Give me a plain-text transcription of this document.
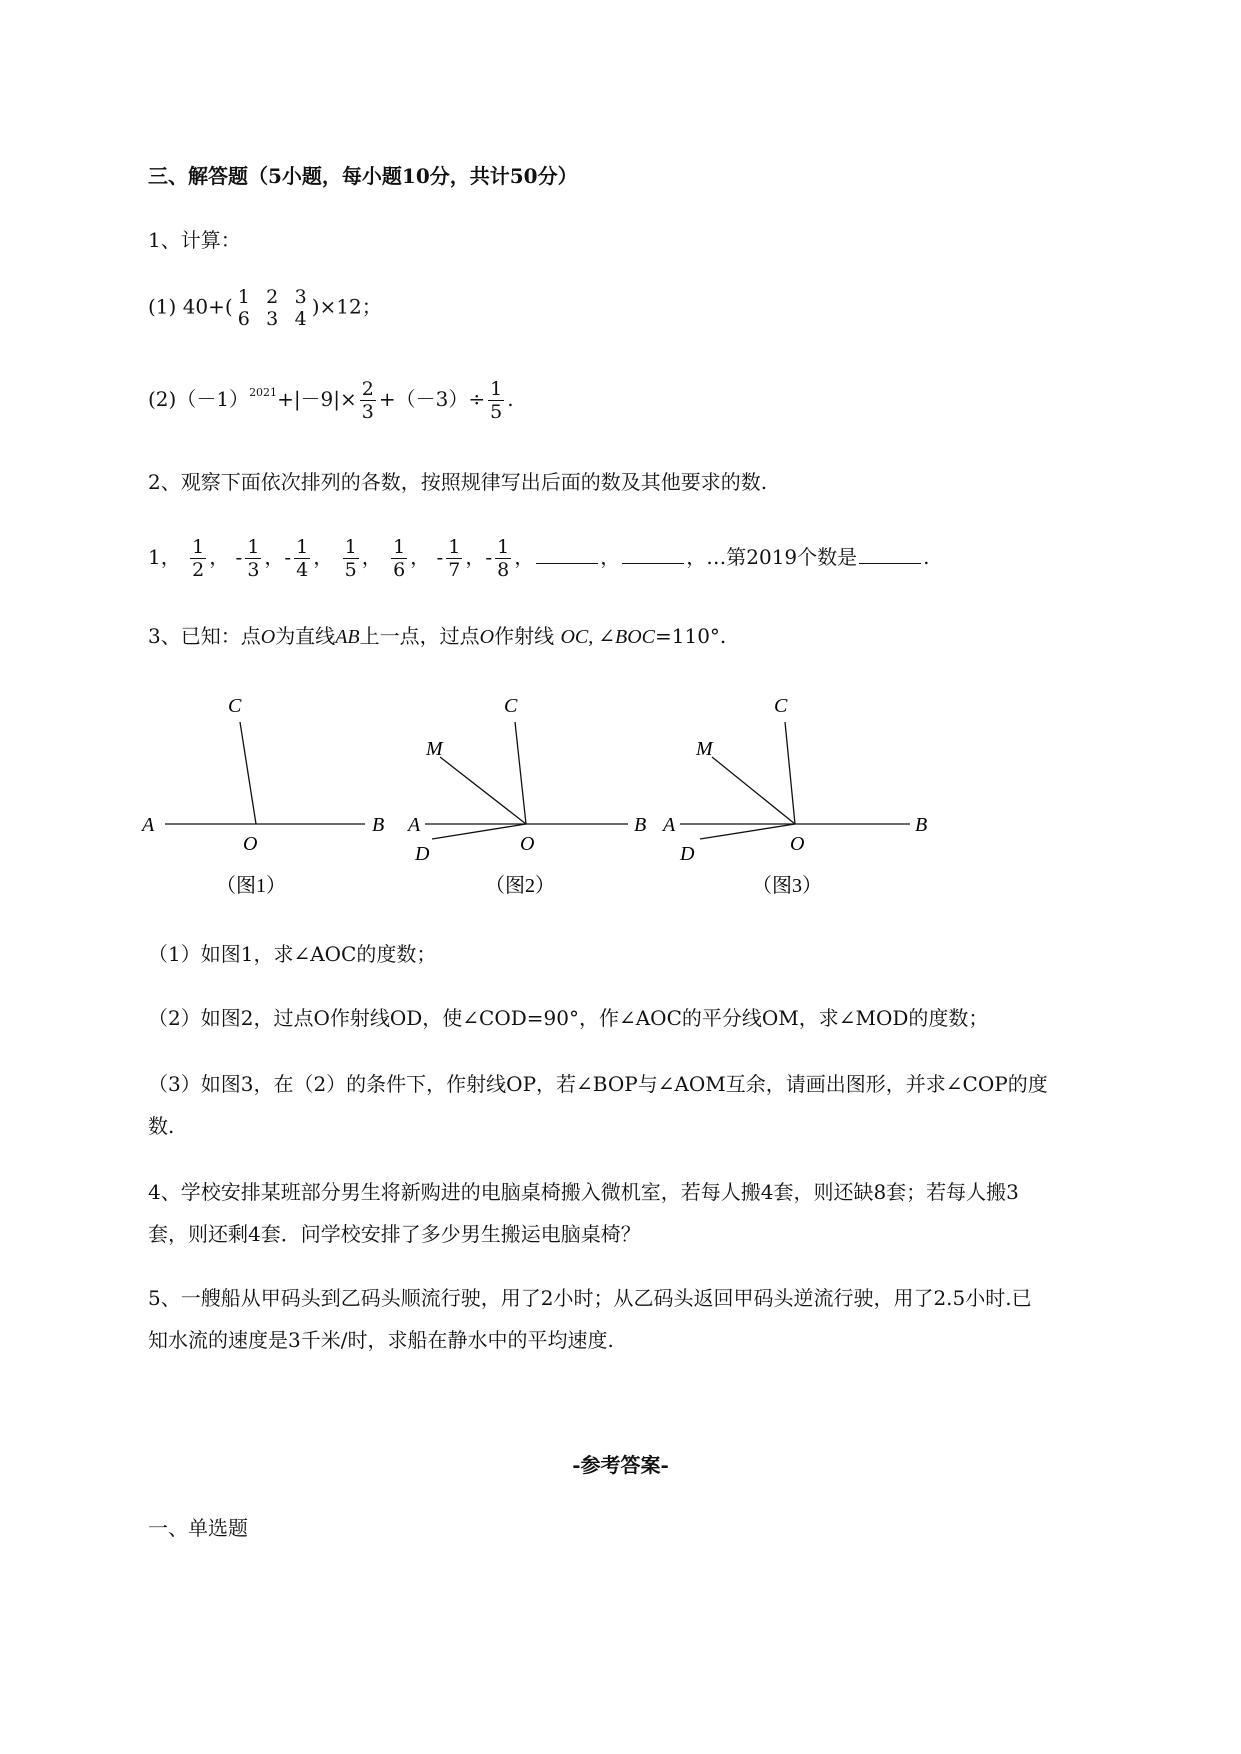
三、解答题（5小题，每小题10分，共计50分）
1、计算：
(1) 40+( 1
6

2
3

3
4
)×12；
$(2)(-1)^{2021}+|-9|\times \frac{2}{3} +(-3)\div \frac{1}{5}$ .
2、观察下面依次排列的各数，按照规律写出后面的数及其他要求的数.
1， $\frac{1}{2}$ ， - $\frac{1}{3}$ ，- $\frac{1}{4}$ ， $\frac{1}{5}$ ， $\frac{1}{6}$ ， - $\frac{1}{7}$ ，- $\frac{1}{8}$ ，	，	，…第2019个数是	.
3、已知：点O为直线AB上一点，过点O作射线 OC, ∠BOC=110°.
C
A	B
O
（图1）
C
M
A	B
D	O
（图2）
C
M
A	B
D	O
（图3）
（1）如图1，求∠AOC的度数；
（2）如图2，过点O作射线OD，使∠COD=90°，作∠AOC的平分线OM，求∠MOD的度数；
（3）如图3，在（2）的条件下，作射线OP，若∠BOP与∠AOM互余，请画出图形，并求∠COP的度
数.
4、学校安排某班部分男生将新购进的电脑桌椅搬入微机室，若每人搬4套，则还缺8套；若每人搬3
套，则还剩4套．问学校安排了多少男生搬运电脑桌椅？
5、一艘船从甲码头到乙码头顺流行驶，用了2小时；从乙码头返回甲码头逆流行驶，用了2.5小时.已
知水流的速度是3千米/时，求船在静水中的平均速度.
-参考答案-
一、单选题
